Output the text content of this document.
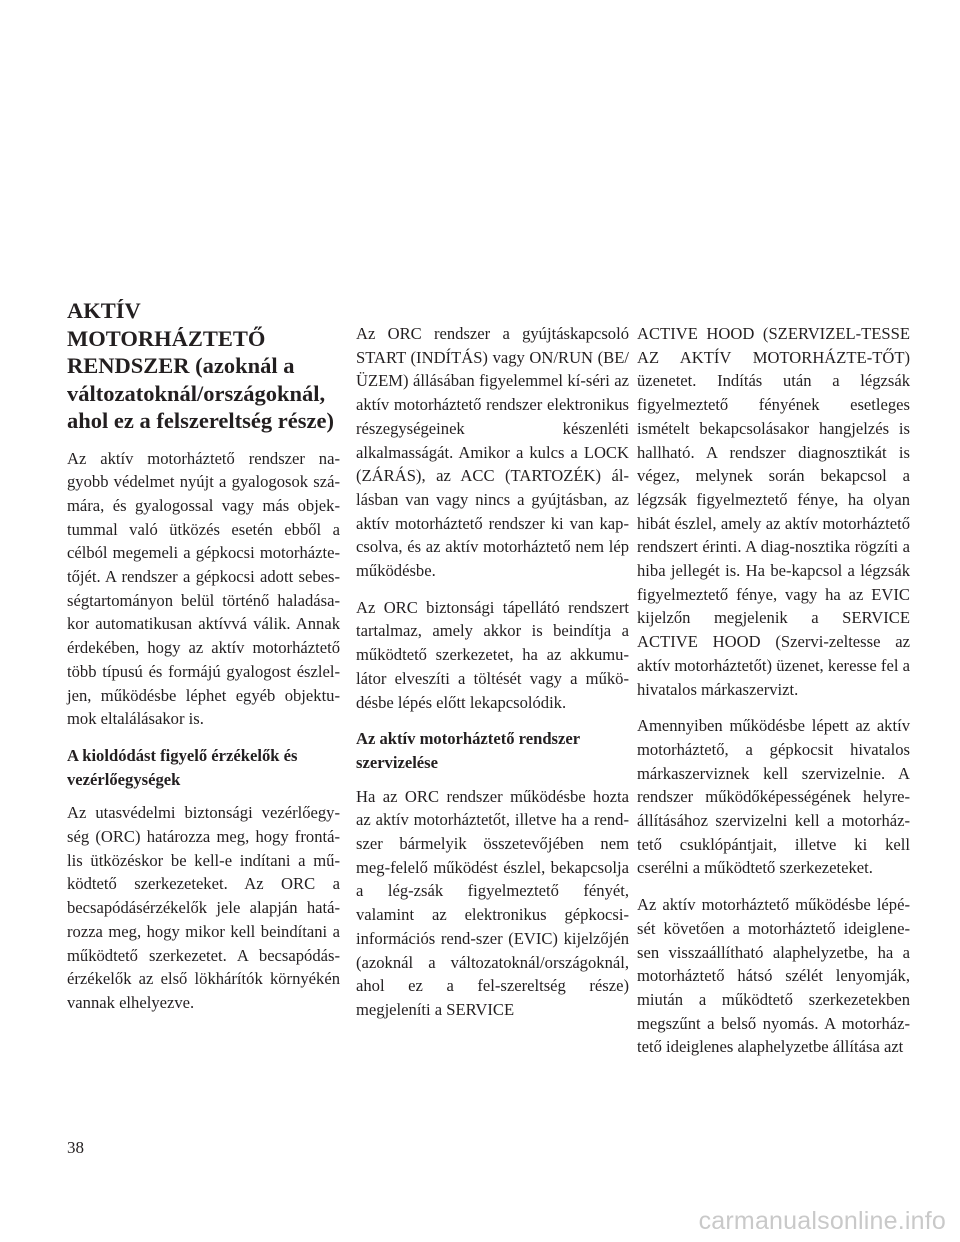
AKTÍV MOTORHÁZTETŐ RENDSZER (azoknál a változatoknál/országoknál, ahol ez a felszereltség része)

Az aktív motorháztető rendszer na-gyobb védelmet nyújt a gyalogosok szá-mára, és gyalogossal vagy más objek-tummal való ütközés esetén ebből a célból megemeli a gépkocsi motorházte-tőjét. A rendszer a gépkocsi adott sebes-ségtartományon belül történő haladása-kor automatikusan aktívvá válik. Annak érdekében, hogy az aktív motorháztető több típusú és formájú gyalogost észlel-jen, működésbe léphet egyéb objektu-mok eltalálásakor is.

A kioldódást figyelő érzékelők és vezérlőegységek

Az utasvédelmi biztonsági vezérlőegy-ség (ORC) határozza meg, hogy frontá-lis ütközéskor be kell-e indítani a mű-ködtető szerkezeteket. Az ORC a becsapódásérzékelők jele alapján hatá-rozza meg, hogy mikor kell beindítani a működtető szerkezetet. A becsapódás-érzékelők az első lökhárítók környékén vannak elhelyezve.

Az ORC rendszer a gyújtáskapcsoló START (INDÍTÁS) vagy ON/RUN (BE/ÜZEM) állásában figyelemmel kí-séri az aktív motorháztető rendszer elektronikus részegységeinek készenléti alkalmasságát. Amikor a kulcs a LOCK (ZÁRÁS), az ACC (TARTOZÉK) ál-lásban van vagy nincs a gyújtásban, az aktív motorháztető rendszer ki van kap-csolva, és az aktív motorháztető nem lép működésbe.

Az ORC biztonsági tápellátó rendszert tartalmaz, amely akkor is beindítja a működtető szerkezetet, ha az akkumu-látor elveszíti a töltését vagy a műkö-désbe lépés előtt lekapcsolódik.

Az aktív motorháztető rendszer szervizelése

Ha az ORC rendszer működésbe hozta az aktív motorháztetőt, illetve ha a rend-szer bármelyik összetevőjében nem meg-felelő működést észlel, bekapcsolja a lég-zsák figyelmeztető fényét, valamint az elektronikus gépkocsi-információs rend-szer (EVIC) kijelzőjén (azoknál a változatoknál/országoknál, ahol ez a fel-szereltség része) megjeleníti a SERVICE

ACTIVE HOOD (SZERVIZEL-TESSE AZ AKTÍV MOTORHÁZTE-TŐT) üzenetet. Indítás után a légzsák figyelmeztető fényének esetleges ismételt bekapcsolásakor hangjelzés is hallható. A rendszer diagnosztikát is végez, melynek során bekapcsol a légzsák figyelmeztető fénye, ha olyan hibát észlel, amely az aktív motorháztető rendszert érinti. A diag-nosztika rögzíti a hiba jellegét is. Ha be-kapcsol a légzsák figyelmeztető fénye, vagy ha az EVIC kijelzőn megjelenik a SERVICE ACTIVE HOOD (Szervi-zeltesse az aktív motorháztetőt) üzenet, keresse fel a hivatalos márkaszervizt.

Amennyiben működésbe lépett az aktív motorháztető, a gépkocsit hivatalos márkaszerviznek kell szervizelnie. A rendszer működőképességének helyre-állításához szervizelni kell a motorház-tető csuklópántjait, illetve ki kell cserélni a működtető szerkezeteket.

Az aktív motorháztető működésbe lépé-sét követően a motorháztető ideiglene-sen visszaállítható alaphelyzetbe, ha a motorháztető hátsó szélét lenyomják, miután a működtető szerkezetekben megszűnt a belső nyomás. A motorház-tető ideiglenes alaphelyzetbe állítása azt

38
carmanualsonline.info
